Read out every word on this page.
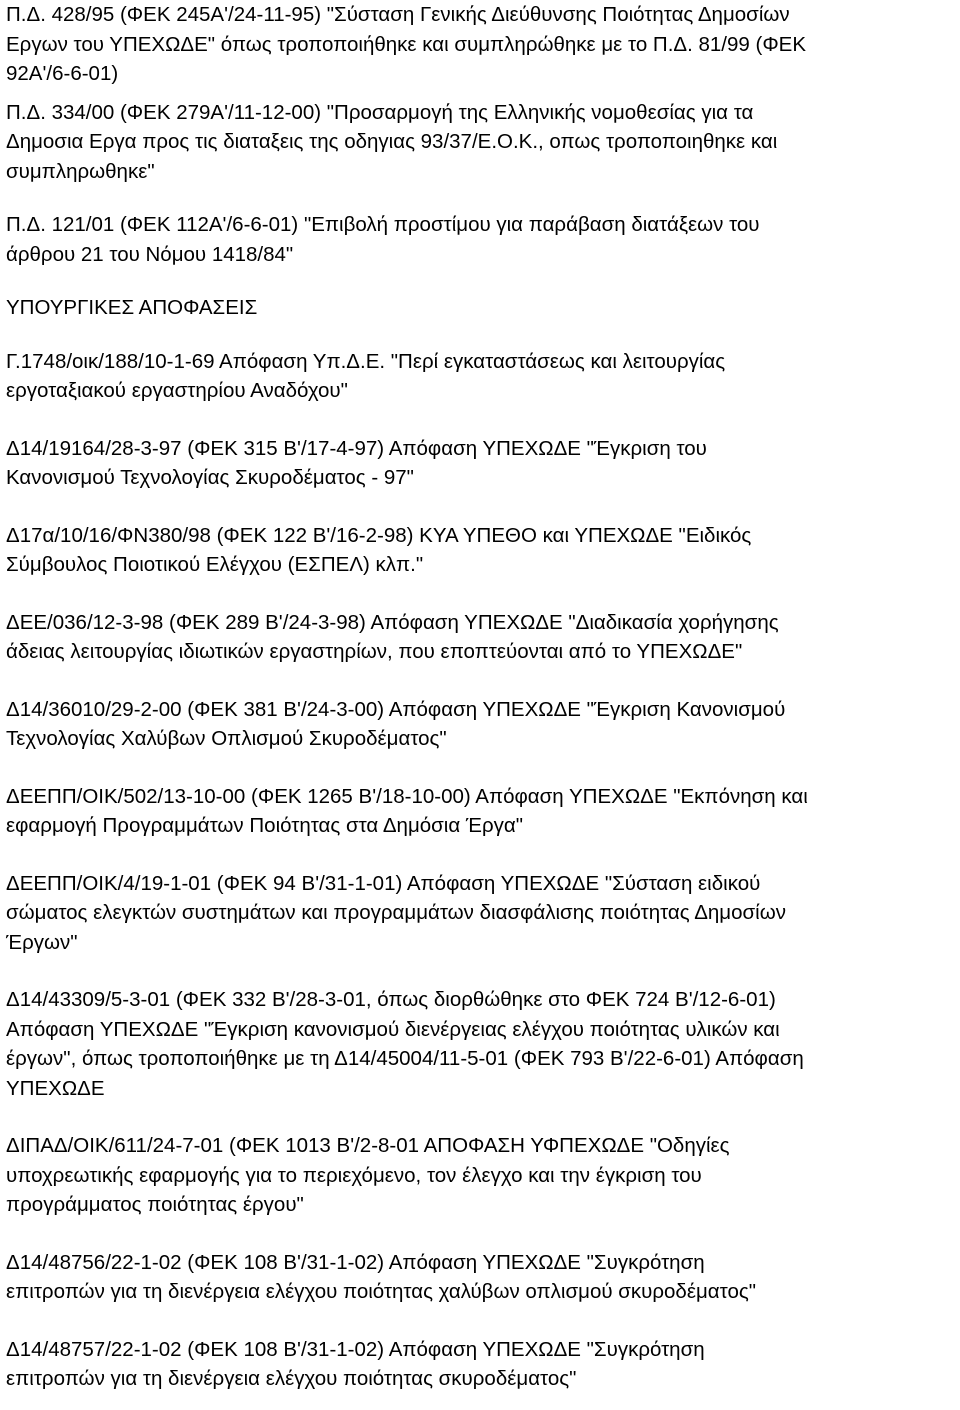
Π.Δ. 428/95 (ΦΕΚ 245Α'/24-11-95) "Σύσταση Γενικής Διεύθυνσης Ποιότητας Δημοσίων
Εργων του ΥΠΕΧΩΔΕ" όπως τροποποιήθηκε και συμπληρώθηκε με το Π.Δ. 81/99 (ΦΕΚ
92Α'/6-6-01)
Π.Δ. 334/00 (ΦΕΚ 279Α'/11-12-00) "Προσαρμογή της Ελληνικής νομοθεσίας για τα
Δημοσια Εργα προς τις διαταξεις της οδηγιας 93/37/Ε.Ο.Κ., οπως τροποποιηθηκε και
συμπληρωθηκε"
Π.Δ. 121/01 (ΦΕΚ 112Α'/6-6-01) "Επιβολή προστίμου για παράβαση διατάξεων του
άρθρου 21 του Νόμου 1418/84"
ΥΠΟΥΡΓΙΚΕΣ ΑΠΟΦΑΣΕΙΣ
Γ.1748/οικ/188/10-1-69 Απόφαση Υπ.Δ.Ε. "Περί εγκαταστάσεως και λειτουργίας
εργοταξιακού εργαστηρίου Αναδόχου"
Δ14/19164/28-3-97 (ΦΕΚ 315 Β'/17-4-97) Απόφαση ΥΠΕΧΩΔΕ "Έγκριση του
Κανονισμού Τεχνολογίας Σκυροδέματος - 97"
Δ17α/10/16/ΦΝ380/98 (ΦΕΚ 122 Β'/16-2-98) ΚΥΑ ΥΠΕΘΟ και ΥΠΕΧΩΔΕ "Ειδικός
Σύμβουλος Ποιοτικού Ελέγχου (ΕΣΠΕΛ) κλπ."
ΔΕΕ/036/12-3-98 (ΦΕΚ 289 Β'/24-3-98) Απόφαση ΥΠΕΧΩΔΕ "Διαδικασία χορήγησης
άδειας λειτουργίας ιδιωτικών εργαστηρίων, που εποπτεύονται από το ΥΠΕΧΩΔΕ"
Δ14/36010/29-2-00 (ΦΕΚ 381 Β'/24-3-00) Απόφαση ΥΠΕΧΩΔΕ "Έγκριση Κανονισμού
Τεχνολογίας Χαλύβων Οπλισμού Σκυροδέματος"
ΔΕΕΠΠ/ΟΙΚ/502/13-10-00 (ΦΕΚ 1265 Β'/18-10-00) Απόφαση ΥΠΕΧΩΔΕ "Εκπόνηση και
εφαρμογή Προγραμμάτων Ποιότητας στα Δημόσια Έργα"
ΔΕΕΠΠ/ΟΙΚ/4/19-1-01 (ΦΕΚ 94 Β'/31-1-01) Απόφαση ΥΠΕΧΩΔΕ "Σύσταση ειδικού
σώματος ελεγκτών συστημάτων και προγραμμάτων διασφάλισης ποιότητας Δημοσίων
Έργων"
Δ14/43309/5-3-01 (ΦΕΚ 332 Β'/28-3-01, όπως διορθώθηκε στο ΦΕΚ 724 Β'/12-6-01)
Απόφαση ΥΠΕΧΩΔΕ "Έγκριση κανονισμού διενέργειας ελέγχου ποιότητας υλικών και
έργων", όπως τροποποιήθηκε με τη Δ14/45004/11-5-01 (ΦΕΚ 793 Β'/22-6-01) Απόφαση
ΥΠΕΧΩΔΕ
ΔΙΠΑΔ/ΟΙΚ/611/24-7-01 (ΦΕΚ 1013 Β'/2-8-01 ΑΠΟΦΑΣΗ ΥΦΠΕΧΩΔΕ "Οδηγίες
υποχρεωτικής εφαρμογής για το περιεχόμενο, τον έλεγχο και την έγκριση του
προγράμματος ποιότητας έργου"
Δ14/48756/22-1-02 (ΦΕΚ 108 Β'/31-1-02) Απόφαση ΥΠΕΧΩΔΕ "Συγκρότηση
επιτροπών για τη διενέργεια ελέγχου ποιότητας χαλύβων οπλισμού σκυροδέματος"
Δ14/48757/22-1-02 (ΦΕΚ 108 Β'/31-1-02) Απόφαση ΥΠΕΧΩΔΕ "Συγκρότηση
επιτροπών για τη διενέργεια ελέγχου ποιότητας σκυροδέματος"
